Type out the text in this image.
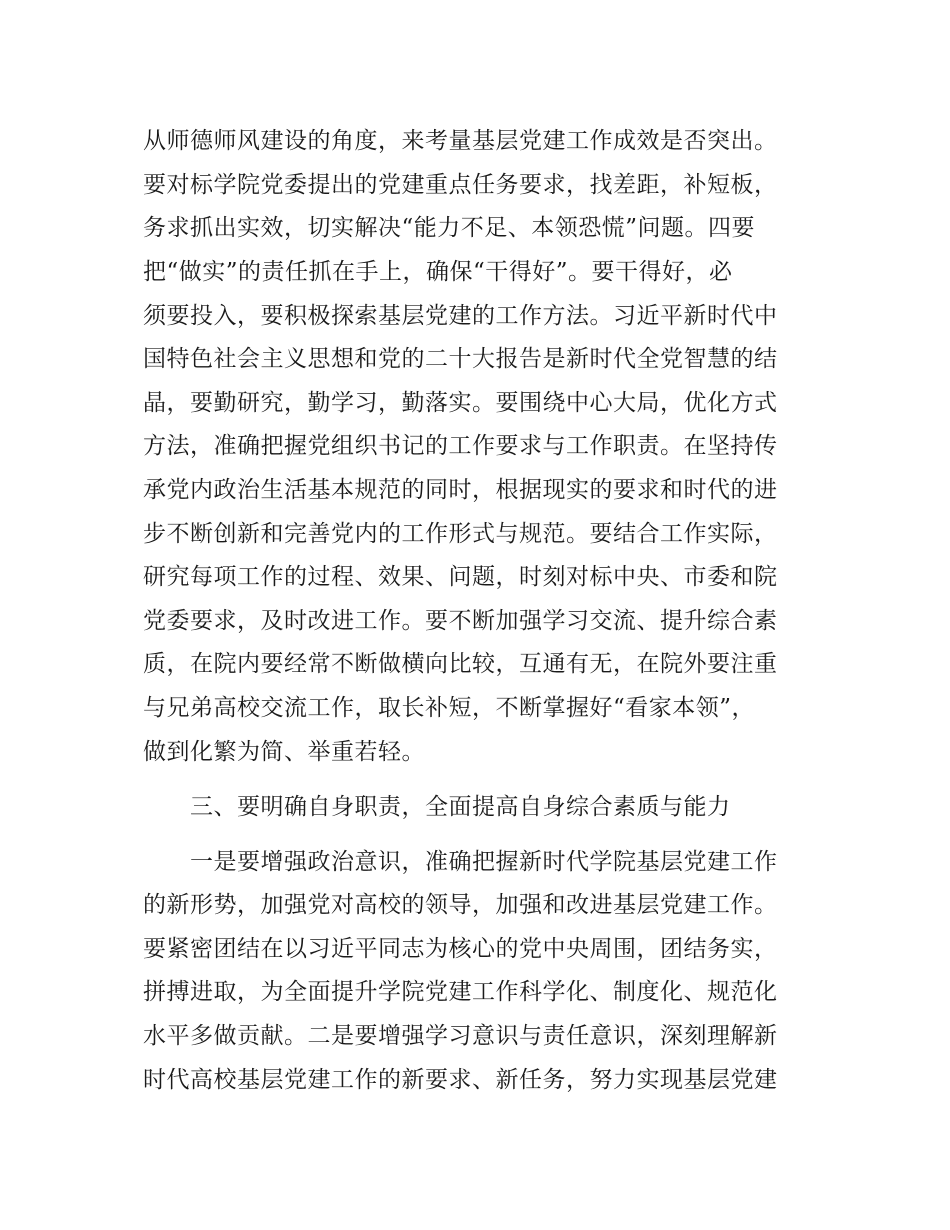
从师德师风建设的角度，来考量基层党建工作成效是否突出。
要对标学院党委提出的党建重点任务要求，找差距，补短板，
务求抓出实效，切实解决“能力不足、本领恐慌”问题。四要
把“做实”的责任抓在手上，确保“干得好”。要干得好，必
须要投入，要积极探索基层党建的工作方法。习近平新时代中
国特色社会主义思想和党的二十大报告是新时代全党智慧的结
晶，要勤研究，勤学习，勤落实。要围绕中心大局，优化方式
方法，准确把握党组织书记的工作要求与工作职责。在坚持传
承党内政治生活基本规范的同时，根据现实的要求和时代的进
步不断创新和完善党内的工作形式与规范。要结合工作实际，
研究每项工作的过程、效果、问题，时刻对标中央、市委和院
党委要求，及时改进工作。要不断加强学习交流、提升综合素
质，在院内要经常不断做横向比较，互通有无，在院外要注重
与兄弟高校交流工作，取长补短，不断掌握好“看家本领”，
做到化繁为简、举重若轻。
三、要明确自身职责，全面提高自身综合素质与能力
一是要增强政治意识，准确把握新时代学院基层党建工作
的新形势，加强党对高校的领导，加强和改进基层党建工作。
要紧密团结在以习近平同志为核心的党中央周围，团结务实，
拼搏进取，为全面提升学院党建工作科学化、制度化、规范化
水平多做贡献。二是要增强学习意识与责任意识，深刻理解新
时代高校基层党建工作的新要求、新任务，努力实现基层党建
